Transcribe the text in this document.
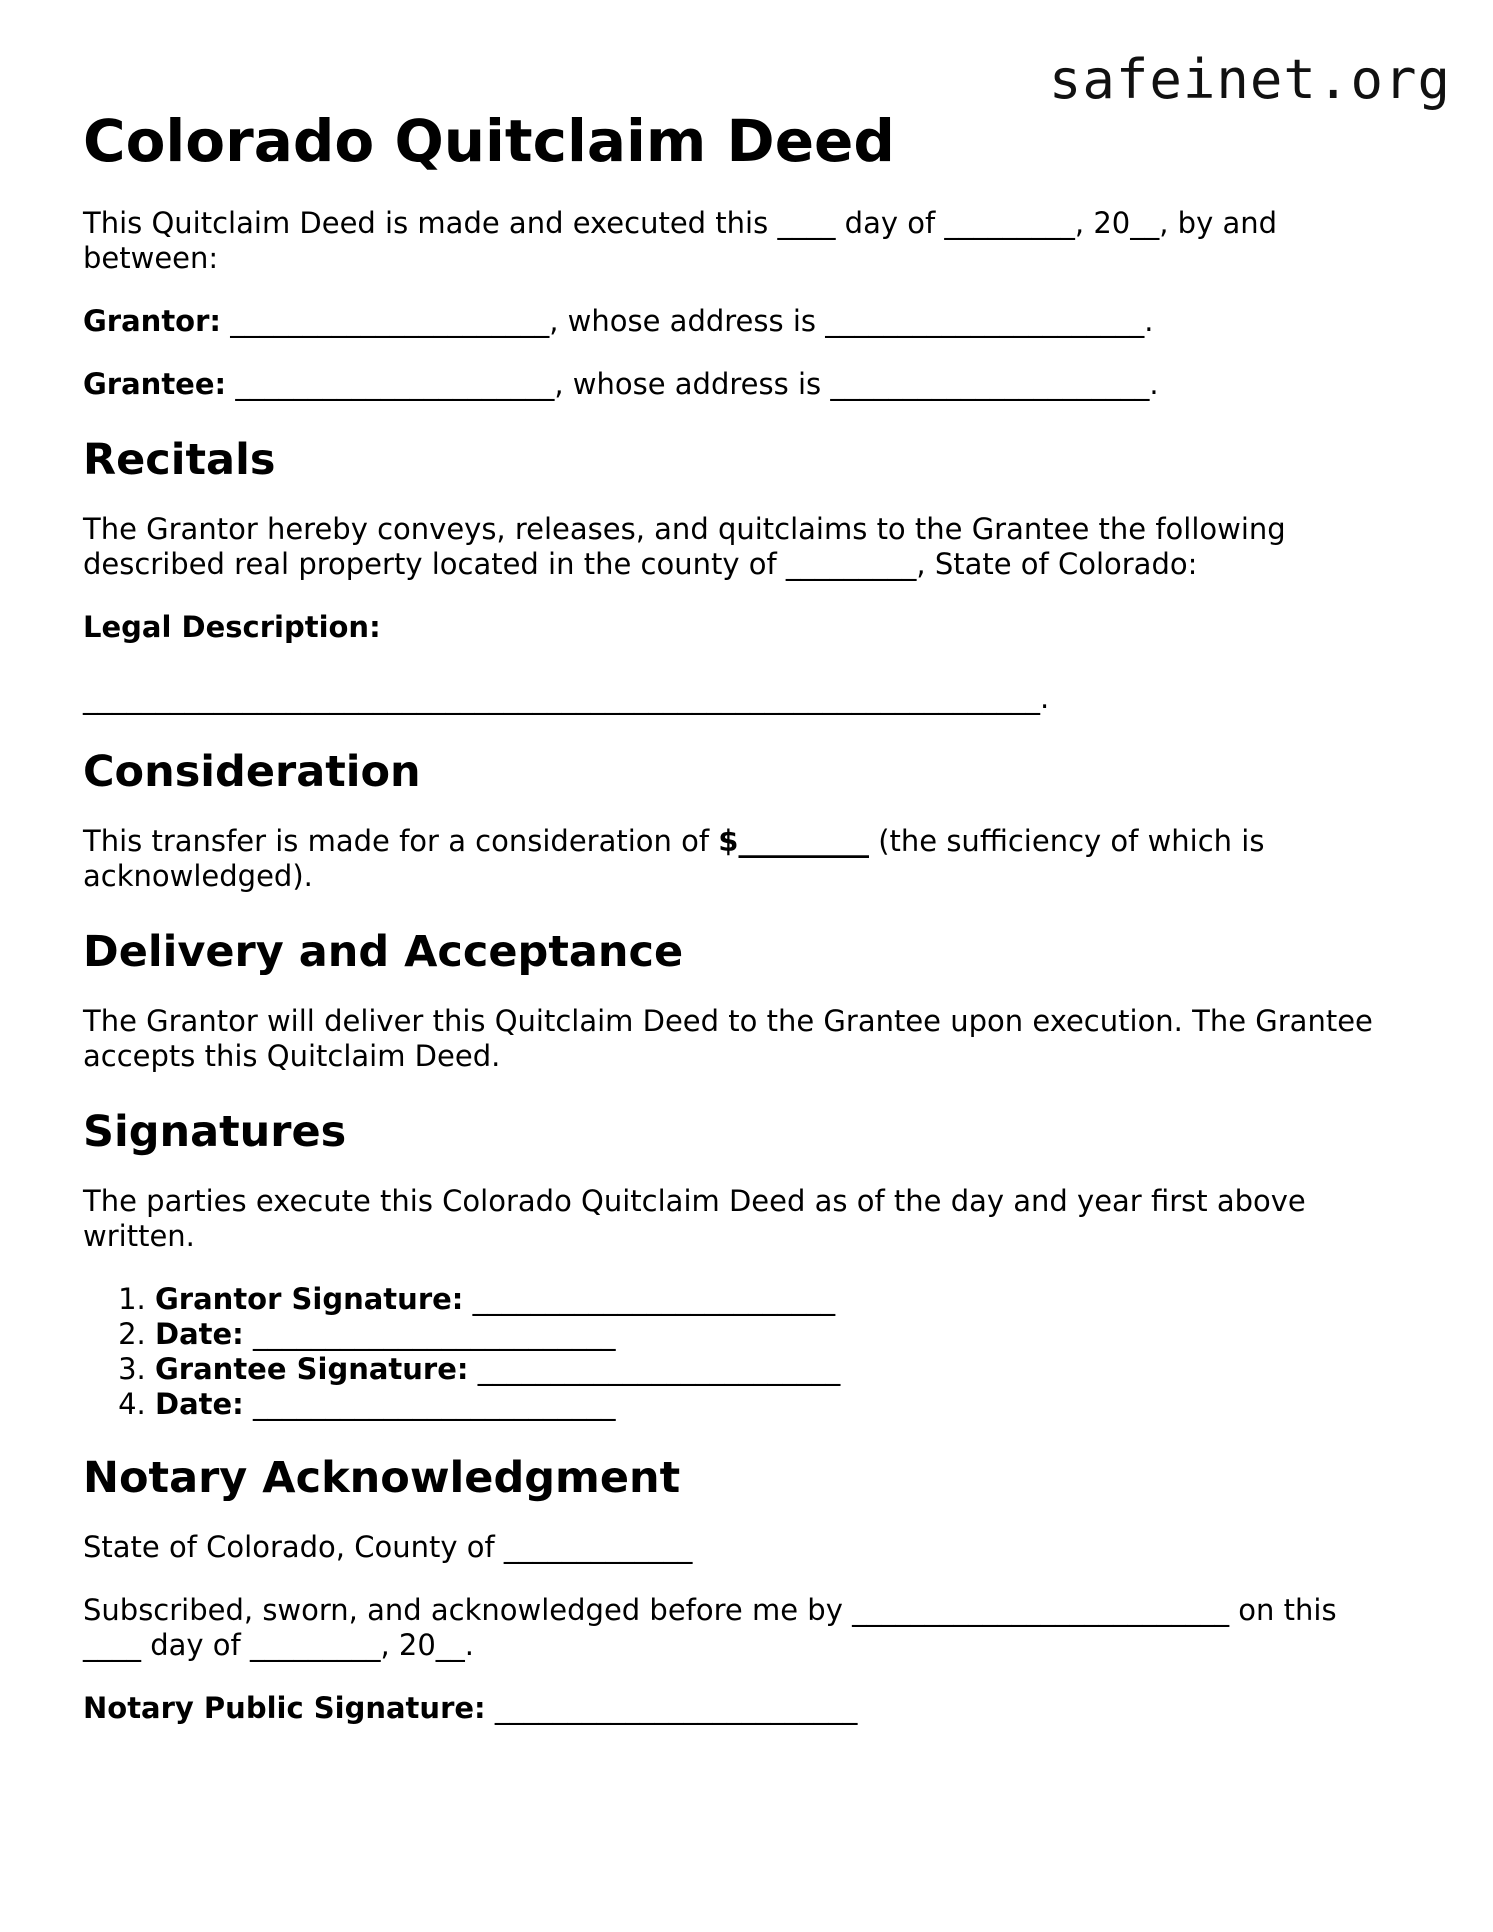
safeinet.org
Colorado Quitclaim Deed

This Quitclaim Deed is made and executed this ____ day of _________, 20__, by and between:

Grantor: ______________________, whose address is ______________________.

Grantee: ______________________, whose address is ______________________.

Recitals

The Grantor hereby conveys, releases, and quitclaims to the Grantee the following described real property located in the county of _________, State of Colorado:

Legal Description:

__________________________________________________________________.

Consideration

This transfer is made for a consideration of $_________ (the sufficiency of which is acknowledged).

Delivery and Acceptance

The Grantor will deliver this Quitclaim Deed to the Grantee upon execution. The Grantee accepts this Quitclaim Deed.

Signatures

The parties execute this Colorado Quitclaim Deed as of the day and year first above written.

1. Grantor Signature: _________________________
2. Date: _________________________
3. Grantee Signature: _________________________
4. Date: _________________________
Notary Acknowledgment

State of Colorado, County of _____________

Subscribed, sworn, and acknowledged before me by __________________________ on this ____ day of _________, 20__.

Notary Public Signature: _________________________
